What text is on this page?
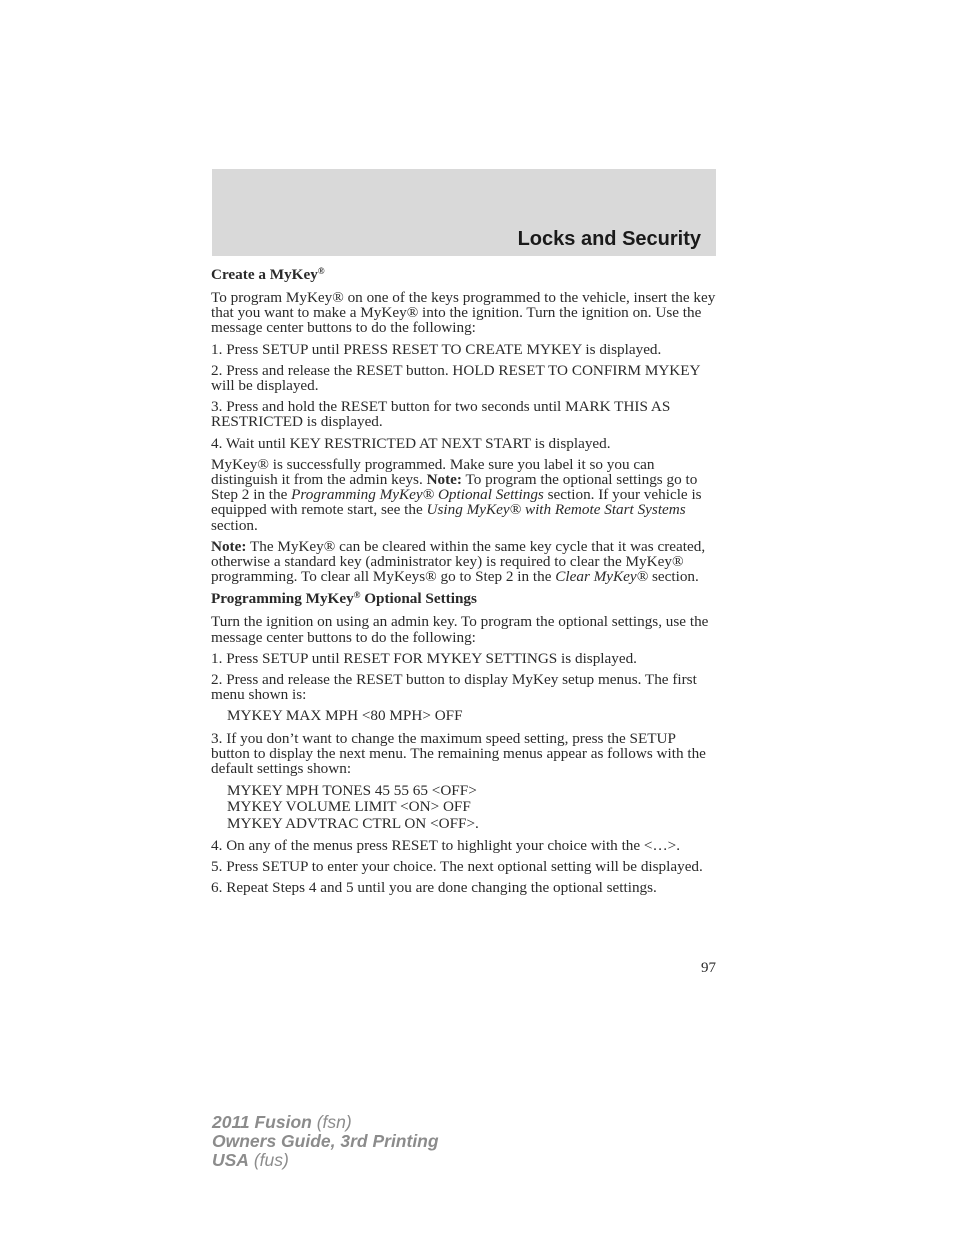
Locks and Security
Create a MyKey®

To program MyKey® on one of the keys programmed to the vehicle, insert the key that you want to make a MyKey® into the ignition. Turn the ignition on. Use the message center buttons to do the following:

1. Press SETUP until PRESS RESET TO CREATE MYKEY is displayed.

2. Press and release the RESET button. HOLD RESET TO CONFIRM MYKEY will be displayed.

3. Press and hold the RESET button for two seconds until MARK THIS AS RESTRICTED is displayed.

4. Wait until KEY RESTRICTED AT NEXT START is displayed.

MyKey® is successfully programmed. Make sure you label it so you can distinguish it from the admin keys. Note: To program the optional settings go to Step 2 in the Programming MyKey® Optional Settings section. If your vehicle is equipped with remote start, see the Using MyKey® with Remote Start Systems section.

Note: The MyKey® can be cleared within the same key cycle that it was created, otherwise a standard key (administrator key) is required to clear the MyKey® programming. To clear all MyKeys® go to Step 2 in the Clear MyKey® section.

Programming MyKey® Optional Settings

Turn the ignition on using an admin key. To program the optional settings, use the message center buttons to do the following:

1. Press SETUP until RESET FOR MYKEY SETTINGS is displayed.

2. Press and release the RESET button to display MyKey setup menus. The first menu shown is:

MYKEY MAX MPH <80 MPH> OFF

3. If you don’t want to change the maximum speed setting, press the SETUP button to display the next menu. The remaining menus appear as follows with the default settings shown:

MYKEY MPH TONES 45 55 65 <OFF>

MYKEY VOLUME LIMIT <ON> OFF

MYKEY ADVTRAC CTRL ON <OFF>.

4. On any of the menus press RESET to highlight your choice with the <…>.

5. Press SETUP to enter your choice. The next optional setting will be displayed.

6. Repeat Steps 4 and 5 until you are done changing the optional settings.

97
2011 Fusion (fsn)
Owners Guide, 3rd Printing
USA (fus)
